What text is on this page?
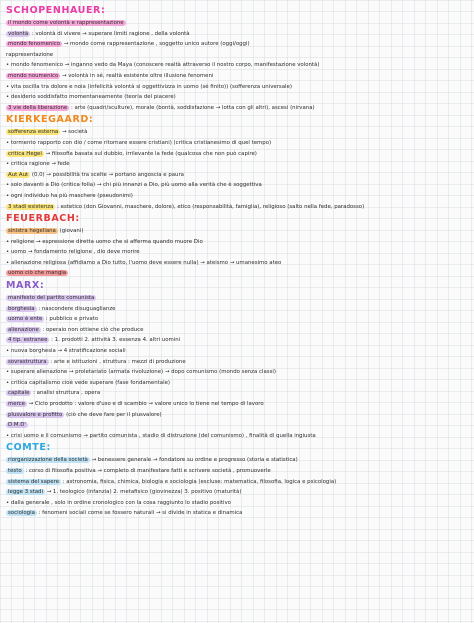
SCHOPENHAUER:
il mondo come volontà e rappresentazione
volontà : volontà di vivere → superare limiti ragione , della volontà
mondo fenomenico → mondo come rappresentazione , soggetto unico autore (oggi/oggi)
rappresentazione
• mondo fenomenico → inganno vedo da Maya (conoscere realtà attraverso il nostro corpo, manifestazione volontà)
mondo noumenico → volontà in sé, realtà esistente oltre illusione fenomeni
• vita oscilla tra dolore e noia (infelicità volontà si oggettivizza in uomo (sé finito)) (sofferenza universale)
• desiderio soddisfatto momentaneamente (teoria del piacere)
3 vie della liberazione : arte (quadri/sculture), morale (bontà, soddisfazione → lotta con gli altri), ascesi (nirvana)
KIERKEGAARD:
sofferenza esterna → società
• tormento rapporto con dio / come ritornare essere cristiani) (critica cristianesimo di quel tempo)
critica Hegel → filosofia basata sul dubbio, irrilevante la fede (qualcosa che non può capire)
• critica ragione → fede
Aut Aut (0,0) → possibilità tra scelte → portano angoscia e paura
• solo davanti a Dio (critica folla) → chi più innanzi a Dio, più uomo alla verità che è soggettiva
• ogni individuo ha più maschere (pseudonimi)
3 stadi esistenza : estetico (don Giovanni, maschere, dolore), etico (responsabilità, famiglia), religioso (salto nella fede, paradosso)
FEUERBACH:
sinistra hegeliana (giovani)
• religione → espressione diretta uomo che si afferma quando muore Dio
• uomo → fondamento religione , dio deve morire
• alienazione religiosa (affidiamo a Dio tutto, l'uomo deve essere nulla) → ateismo → umanesimo ateo
uomo ciò che mangia
MARX:
manifesto del partito comunista
borghesia : nascondere disuguaglianze
uomo è ente : pubblico e privato
alienazione : operaio non ottiene ciò che produce
4 tip. estranee : 1. prodotti 2. attività 3. essenza 4. altri uomini
• nuova borghesia → 4 stratificazione sociali
sovrastruttura : arte e istituzioni , struttura : mezzi di produzione
• superare alienazione → proletariato (armata rivoluzione) → dopo comunismo (mondo senza classi)
• critica capitalismo cioè vede superare (fase fondamentale)
capitale : analisi struttura , opera
merce → Ciclo prodotto : valore d'uso e di scambio → valore unico lo tiene nel tempo di lavoro
plusvalore e profitto (ciò che deve fare per il plusvalore)
D.M.D'
• crisi uomo e il comunismo → partito comunista , stadio di distruzione (del comunismo) , finalità di quella ingiusta
COMTE:
riorganizzazione della società → benessere generale → fondatore su ordine e progresso (storia e statistica)
testo : corso di filosofia positiva → completo di manifestare fatti e scrivere società , promuoverle
sistema del sapere : astronomia, fisica, chimica, biologia e sociologia (escluse: matematica, filosofia, logica e psicologia)
legge 3 stadi → 1. teologico (infanzia) 2. metafisico (giovinezza) 3. positivo (maturità)
• dalla generale , solo in ordine cronologico con la cosa raggiunto lo stadio positivo
sociologia : fenomeni sociali come se fossero naturali → si divide in statica e dinamica
